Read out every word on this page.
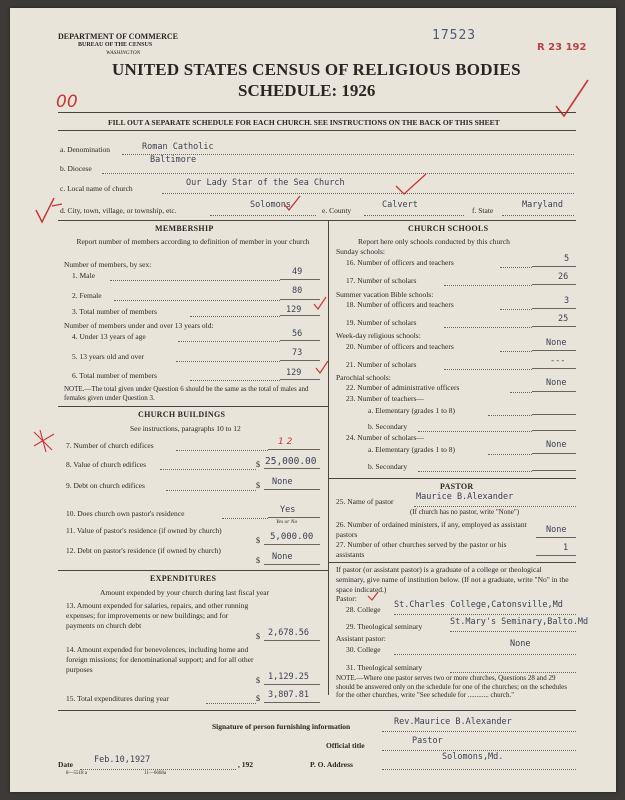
DEPARTMENT OF COMMERCE
BUREAU OF THE CENSUS
WASHINGTON
17523
R 23 192
UNITED STATES CENSUS OF RELIGIOUS BODIES
SCHEDULE: 1926
00
FILL OUT A SEPARATE SCHEDULE FOR EACH CHURCH. SEE INSTRUCTIONS ON THE BACK OF THIS SHEET
a. Denomination	Roman Catholic
b. Diocese
Baltimore
c. Local name of church
Our Lady Star of the Sea Church
d. City, town, village, or township, etc.
Solomons
e. County
Calvert
f. State
Maryland
MEMBERSHIP
Report number of members according to definition of member in your church
Number of members, by sex:
1. Male	49
2. Female	80
3. Total number of members	129
Number of members under and over 13 years old:
4. Under 13 years of age	56
5. 13 years old and over	73
6. Total number of members	129
NOTE.—The total given under Question 6 should be the same as the total of males and females given under Question 3.
CHURCH BUILDINGS
See instructions, paragraphs 10 to 12
7. Number of church edifices	1 2
8. Value of church edifices	$ 25,000.00
9. Debt on church edifices	$ None
10. Does church own pastor's residence	Yes
Yes or No
11. Value of pastor's residence (if owned by church)
$ 5,000.00
12. Debt on pastor's residence (if owned by church)
$ None
EXPENDITURES
Amount expended by your church during last fiscal year
13. Amount expended for salaries, repairs, and other running expenses; for improvements or new buildings; and for payments on church debt
$ 2,678.56
14. Amount expended for benevolences, including home and foreign missions; for denominational support; and for all other purposes
$ 1,129.25
15. Total expenditures during year	$ 3,807.81
CHURCH SCHOOLS
Report here only schools conducted by this church
Sunday schools:
16. Number of officers and teachers	5
17. Number of scholars	26
Summer vacation Bible schools:
18. Number of officers and teachers	3
19. Number of scholars	25
Week-day religious schools:
20. Number of officers and teachers	None
21. Number of scholars	---
Parochial schools:
22. Number of administrative officers	None
23. Number of teachers—
a. Elementary (grades 1 to 8)
b. Secondary
24. Number of scholars—
a. Elementary (grades 1 to 8)	None
b. Secondary
PASTOR
25. Name of pastor	Maurice B.Alexander
(If church has no pastor, write "None")
26. Number of ordained ministers, if any, employed as assistant pastors	None
27. Number of other churches served by the pastor or his assistants
1
If pastor (or assistant pastor) is a graduate of a college or theological seminary, give name of institution below. (If not a graduate, write "No" in the space indicated.)
Pastor:
28. College St.Charles College,Catonsville,Md
29. Theological seminary	St.Mary's Seminary,Balto.Md
Assistant pastor:
30. College
None
31. Theological seminary
NOTE.—Where one pastor serves two or more churches, Questions 28 and 29 should be answered only on the schedule for one of the churches; on the schedules for the other churches, write "See schedule for ............ church."
Signature of person furnishing information	Rev.Maurice B.Alexander
Official title	Pastor
Date Feb.10,1927	, 192	P. O. Address
Solomons,Md.
8—5518 a	11—6668a
